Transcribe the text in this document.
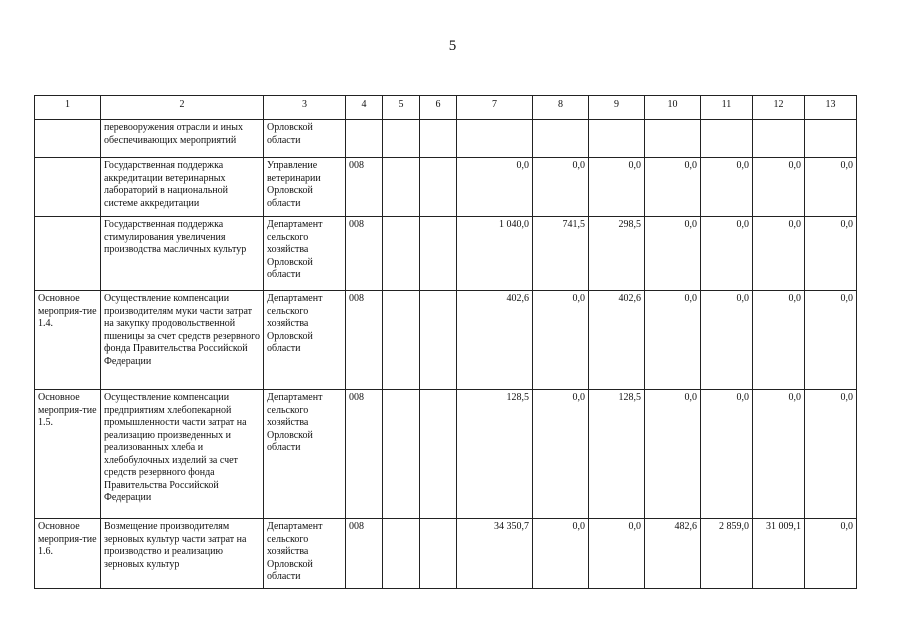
5
1	2	3	4	5	6	7	8	9	10	11	12	13
	перевооружения отрасли и иных обеспечивающих мероприятий	Орловской области										
	Государственная поддержка аккредитации ветеринарных лабораторий в национальной системе аккредитации	Управление ветеринарии Орловской области	008			0,0	0,0	0,0	0,0	0,0	0,0	0,0
	Государственная поддержка стимулирования увеличения производства масличных культур	Департамент сельского хозяйства Орловской области	008			1 040,0	741,5	298,5	0,0	0,0	0,0	0,0
Основное мероприя-тие 1.4.	Осуществление компенсации производителям муки части затрат на закупку продовольственной пшеницы за счет средств резервного фонда Правительства Российской Федерации	Департамент сельского хозяйства Орловской области	008			402,6	0,0	402,6	0,0	0,0	0,0	0,0
Основное мероприя-тие 1.5.	Осуществление компенсации предприятиям хлебопекарной промышленности части затрат на реализацию произведенных и реализованных хлеба и хлебобулочных изделий за счет средств резервного фонда Правительства Российской Федерации	Департамент сельского хозяйства Орловской области	008			128,5	0,0	128,5	0,0	0,0	0,0	0,0
Основное мероприя-тие 1.6.	Возмещение производителям зерновых культур части затрат на производство и реализацию зерновых культур	Департамент сельского хозяйства Орловской области	008			34 350,7	0,0	0,0	482,6	2 859,0	31 009,1	0,0
